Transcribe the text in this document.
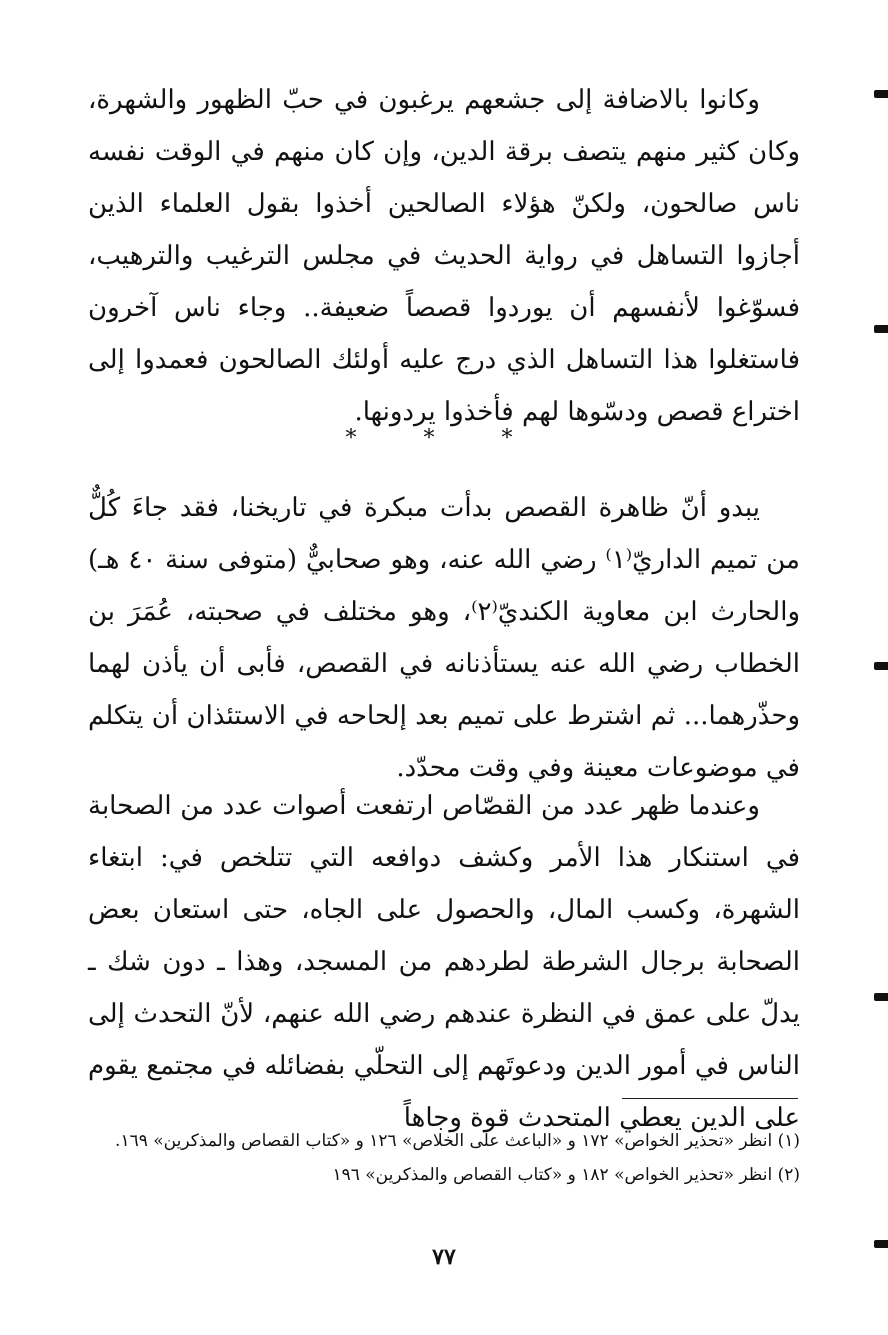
وكانوا بالاضافة إلى جشعهم يرغبون في حبّ الظهور والشهرة، وكان كثير منهم يتصف برقة الدين، وإن كان منهم في الوقت نفسه ناس صالحون، ولكنّ هؤلاء الصالحين أخذوا بقول العلماء الذين أجازوا التساهل في رواية الحديث في مجلس الترغيب والترهيب، فسوّغوا لأنفسهم أن يوردوا قصصاً ضعيفة.. وجاء ناس آخرون فاستغلوا هذا التساهل الذي درج عليه أولئك الصالحون فعمدوا إلى اختراع قصص ودسّوها لهم فأخذوا يردونها.

* * *

يبدو أنّ ظاهرة القصص بدأت مبكرة في تاريخنا، فقد جاءَ كُلٌّ من تميم الداريّ⁽١⁾ رضي الله عنه، وهو صحابيٌّ (متوفى سنة ٤٠ هـ) والحارث ابن معاوية الكنديّ⁽٢⁾، وهو مختلف في صحبته، عُمَرَ بن الخطاب رضي الله عنه يستأذنانه في القصص، فأبى أن يأذن لهما وحذّرهما... ثم اشترط على تميم بعد إلحاحه في الاستئذان أن يتكلم في موضوعات معينة وفي وقت محدّد.

وعندما ظهر عدد من القصّاص ارتفعت أصوات عدد من الصحابة في استنكار هذا الأمر وكشف دوافعه التي تتلخص في: ابتغاء الشهرة، وكسب المال، والحصول على الجاه، حتى استعان بعض الصحابة برجال الشرطة لطردهم من المسجد، وهذا ـ دون شك ـ يدلّ على عمق في النظرة عندهم رضي الله عنهم، لأنّ التحدث إلى الناس في أمور الدين ودعوتَهم إلى التحلّي بفضائله في مجتمع يقوم على الدين يعطي المتحدث قوة وجاهاً

(١) انظر «تحذير الخواص» ١٧٢ و «الباعث على الخلاص» ١٢٦ و «كتاب القصاص والمذكرين» ١٦٩.

(٢) انظر «تحذير الخواص» ١٨٢ و «كتاب القصاص والمذكرين» ١٩٦

٧٧
